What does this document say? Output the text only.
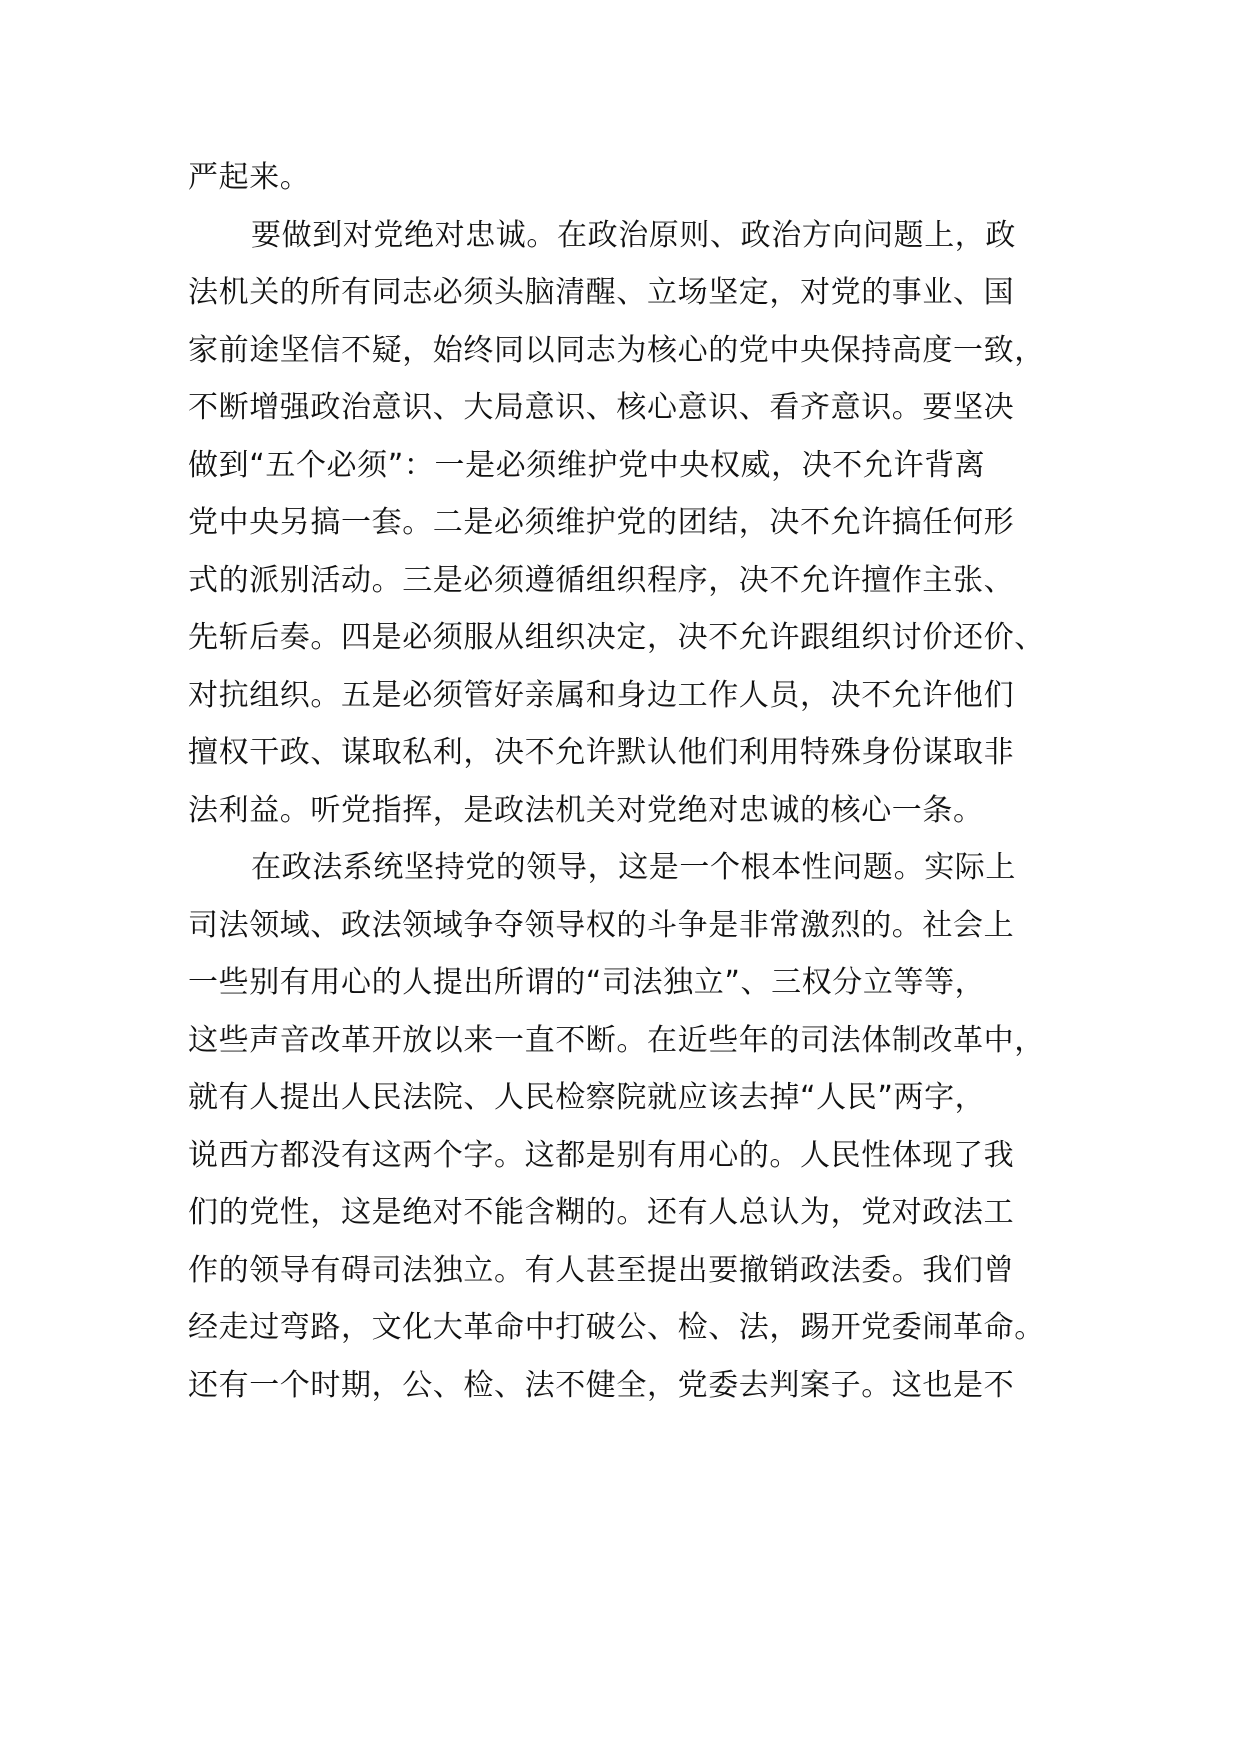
严起来。
要做到对党绝对忠诚。在政治原则、政治方向问题上，政
法机关的所有同志必须头脑清醒、立场坚定，对党的事业、国
家前途坚信不疑，始终同以同志为核心的党中央保持高度一致，
不断增强政治意识、大局意识、核心意识、看齐意识。要坚决
做到“五个必须”：一是必须维护党中央权威，决不允许背离
党中央另搞一套。二是必须维护党的团结，决不允许搞任何形
式的派别活动。三是必须遵循组织程序，决不允许擅作主张、
先斩后奏。四是必须服从组织决定，决不允许跟组织讨价还价、
对抗组织。五是必须管好亲属和身边工作人员，决不允许他们
擅权干政、谋取私利，决不允许默认他们利用特殊身份谋取非
法利益。听党指挥，是政法机关对党绝对忠诚的核心一条。
在政法系统坚持党的领导，这是一个根本性问题。实际上
司法领域、政法领域争夺领导权的斗争是非常激烈的。社会上
一些别有用心的人提出所谓的“司法独立”、三权分立等等，
这些声音改革开放以来一直不断。在近些年的司法体制改革中，
就有人提出人民法院、人民检察院就应该去掉“人民”两字，
说西方都没有这两个字。这都是别有用心的。人民性体现了我
们的党性，这是绝对不能含糊的。还有人总认为，党对政法工
作的领导有碍司法独立。有人甚至提出要撤销政法委。我们曾
经走过弯路，文化大革命中打破公、检、法，踢开党委闹革命。
还有一个时期，公、检、法不健全，党委去判案子。这也是不
